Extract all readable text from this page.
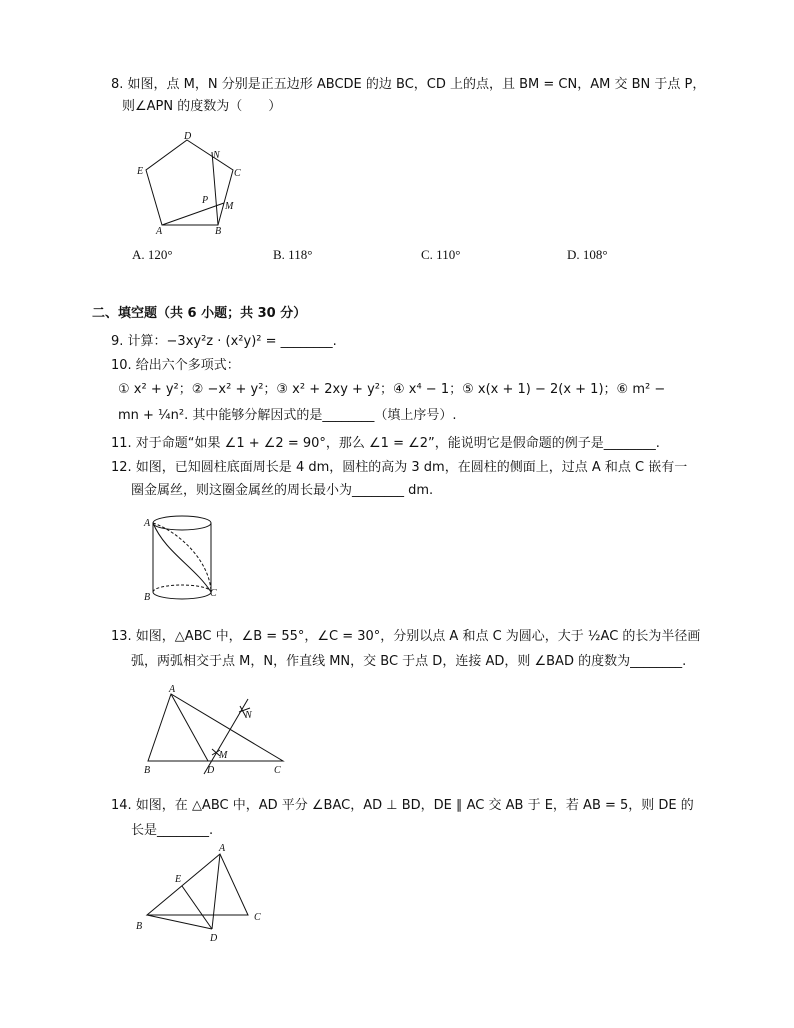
8. 如图，点 M，N 分别是正五边形 ABCDE 的边 BC，CD 上的点，且 BM = CN，AM 交 BN 于点 P，
则∠APN 的度数为（　　）
D
N
E	C
P
M
A	B
A. 120°	B. 118°	C. 110°	D. 108°
二、填空题（共 6 小题；共 30 分）
9. 计算：−3xy²z · (x²y)² = ________.
10. 给出六个多项式：
① x² + y²；② −x² + y²；③ x² + 2xy + y²；④ x⁴ − 1；⑤ x(x + 1) − 2(x + 1)；⑥ m² −
mn + ¼n². 其中能够分解因式的是________（填上序号）.
11. 对于命题“如果 ∠1 + ∠2 = 90°，那么 ∠1 = ∠2”，能说明它是假命题的例子是________.
12. 如图，已知圆柱底面周长是 4 dm，圆柱的高为 3 dm，在圆柱的侧面上，过点 A 和点 C 嵌有一
圈金属丝，则这圈金属丝的周长最小为________ dm.
A
B	C
13. 如图，△ABC 中，∠B = 55°，∠C = 30°，分别以点 A 和点 C 为圆心，大于 ½AC 的长为半径画
弧，两弧相交于点 M，N，作直线 MN，交 BC 于点 D，连接 AD，则 ∠BAD 的度数为________.
A
N
M
B	D	C
14. 如图，在 △ABC 中，AD 平分 ∠BAC，AD ⊥ BD，DE ∥ AC 交 AB 于 E，若 AB = 5，则 DE 的
长是________.
A
E
B
C
D
